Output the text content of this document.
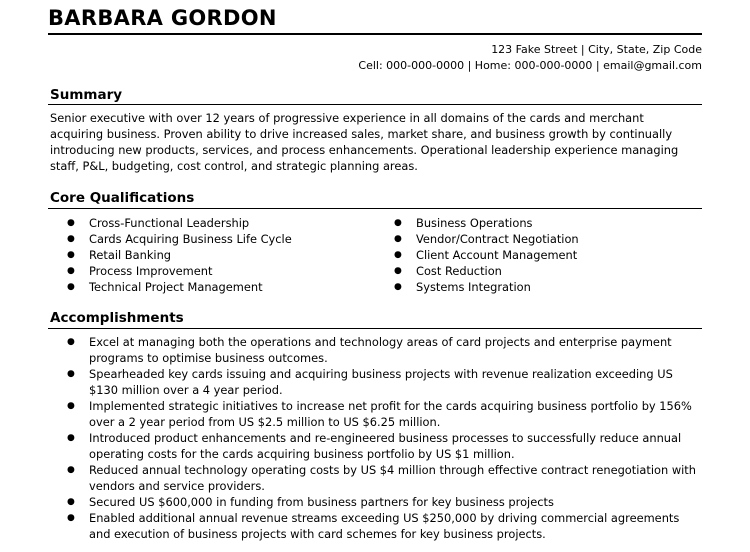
BARBARA GORDON
123 Fake Street | City, State, Zip Code
Cell: 000-000-0000 | Home: 000-000-0000 | email@gmail.com
Summary
Senior executive with over 12 years of progressive experience in all domains of the cards and merchant acquiring business. Proven ability to drive increased sales, market share, and business growth by continually introducing new products, services, and process enhancements. Operational leadership experience managing staff, P&L, budgeting, cost control, and strategic planning areas.
Core Qualifications
● Cross-Functional Leadership
● Cards Acquiring Business Life Cycle
● Retail Banking
● Process Improvement
● Technical Project Management
● Business Operations
● Vendor/Contract Negotiation
● Client Account Management
● Cost Reduction
● Systems Integration
Accomplishments
● Excel at managing both the operations and technology areas of card projects and enterprise payment programs to optimise business outcomes.
● Spearheaded key cards issuing and acquiring business projects with revenue realization exceeding US $130 million over a 4 year period.
● Implemented strategic initiatives to increase net profit for the cards acquiring business portfolio by 156% over a 2 year period from US $2.5 million to US $6.25 million.
● Introduced product enhancements and re-engineered business processes to successfully reduce annual operating costs for the cards acquiring business portfolio by US $1 million.
● Reduced annual technology operating costs by US $4 million through effective contract renegotiation with vendors and service providers.
● Secured US $600,000 in funding from business partners for key business projects
● Enabled additional annual revenue streams exceeding US $250,000 by driving commercial agreements and execution of business projects with card schemes for key business projects.
